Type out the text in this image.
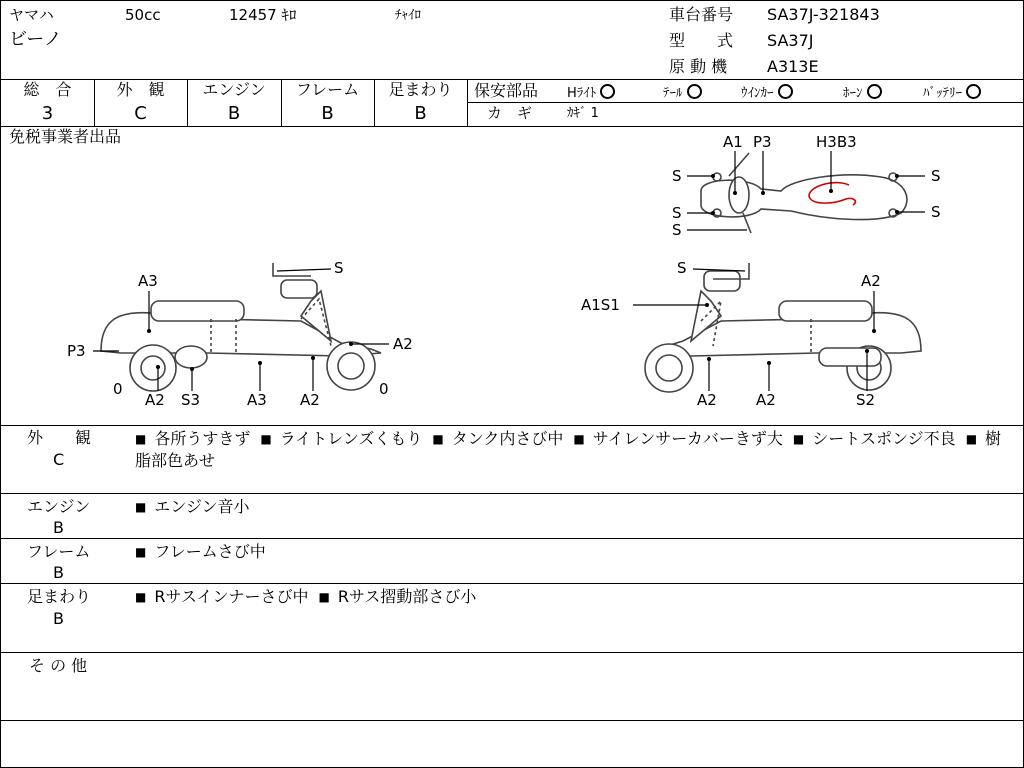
ヤマハ	50cc	12457 ｷﾛ	ﾁｬｲﾛ
ビーノ
車台番号 SA37J-321843
型　　式 SA37J
原 動 機 A313E
総　合
3
外　観
C
エンジン
B
フレーム
B
足まわり
B
保安部品 Hﾗｲﾄ	ﾃｰﾙ	ｳｲﾝｶｰ	ﾎｰﾝ	ﾊﾞｯﾃﾘｰ
カ　ギ	ｶｷﾞ 1
免税事業者出品
S
A3
P3	A2
0	0
A2 S3	A3 A2
S
A1S1
A2
A2	A2	S2
A1 P3	H3B3
S
S
S
S
S
外　　観
C
■ 各所うすきず ■ ライトレンズくもり ■ タンク内さび中 ■ サイレンサーカバーきず大 ■ シートスポンジ不良 ■ 樹脂部色あせ
エンジン
B
■ エンジン音小
フレーム
B
■ フレームさび中
足まわり
B
■ Rサスインナーさび中 ■ Rサス摺動部さび小
そ の 他
